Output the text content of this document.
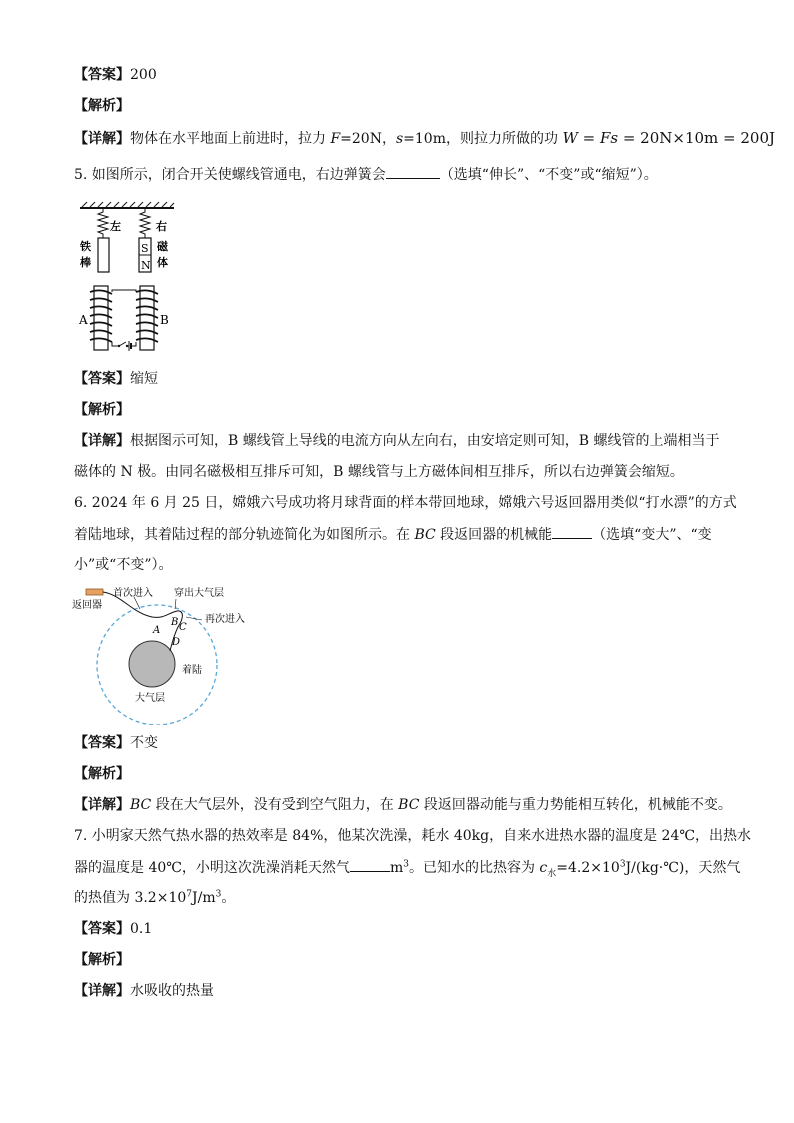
【答案】200
【解析】
【详解】物体在水平地面上前进时，拉力 F=20N，s=10m，则拉力所做的功 W = Fs = 20N×10m = 200J
5. 如图所示，闭合开关使螺线管通电，右边弹簧会	（选填“伸长”、“不变”或“缩短”）。
左	右
铁
棒
S
N
磁
体
A	B
【答案】缩短
【解析】
【详解】根据图示可知，B 螺线管上导线的电流方向从左向右，由安培定则可知，B 螺线管的上端相当于
磁体的 N 极。由同名磁极相互排斥可知，B 螺线管与上方磁体间相互排斥，所以右边弹簧会缩短。
6. 2024 年 6 月 25 日，嫦娥六号成功将月球背面的样本带回地球，嫦娥六号返回器用类似“打水漂”的方式
着陆地球，其着陆过程的部分轨迹简化为如图所示。在 BC 段返回器的机械能	（选填“变大”、“变
小”或“不变”）。
返回器
首次进入 穿出大气层
再次进入
A
B C
D
着陆
大气层
【答案】不变
【解析】
【详解】BC 段在大气层外，没有受到空气阻力，在 BC 段返回器动能与重力势能相互转化，机械能不变。
7. 小明家天然气热水器的热效率是 84%，他某次洗澡，耗水 40kg，自来水进热水器的温度是 24℃，出热水
器的温度是 40℃，小明这次洗澡消耗天然气	$m^3$。已知水的比热容为 $c_水=4.2\times 10^3J/(kg\cdot℃)$，天然气
的热值为 $3.2\times 10^7J/m^3$。
【答案】0.1
【解析】
【详解】水吸收的热量
